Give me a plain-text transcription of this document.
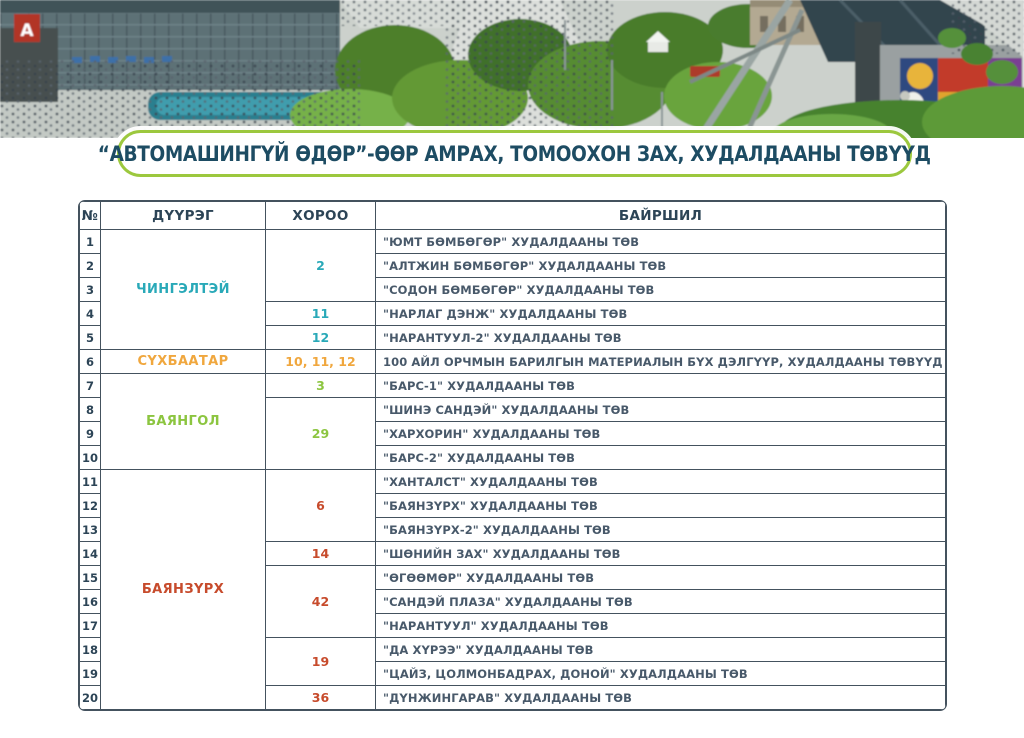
A
“АВТОМАШИНГҮЙ ӨДӨР”-ӨӨР АМРАХ, ТОМООХОН ЗАХ, ХУДАЛДААНЫ ТӨВҮҮД
№	ДҮҮРЭГ	ХОРОО	БАЙРШИЛ
1	ЧИНГЭЛТЭЙ	2	"ЮМТ БӨМБӨГӨР" ХУДАЛДААНЫ ТӨВ
2			"АЛТЖИН БӨМБӨГӨР" ХУДАЛДААНЫ ТӨВ
3			"СОДОН БӨМБӨГӨР" ХУДАЛДААНЫ ТӨВ
4		11	"НАРЛАГ ДЭНЖ" ХУДАЛДААНЫ ТӨВ
5		12	"НАРАНТУУЛ-2" ХУДАЛДААНЫ ТӨВ
6	СҮХБААТАР	10, 11, 12	100 АЙЛ ОРЧМЫН БАРИЛГЫН МАТЕРИАЛЫН БҮХ ДЭЛГҮҮР, ХУДАЛДААНЫ ТӨВҮҮД
7	БАЯНГОЛ	3	"БАРС-1" ХУДАЛДААНЫ ТӨВ
8		29	"ШИНЭ САНДЭЙ" ХУДАЛДААНЫ ТӨВ
9			"ХАРХОРИН" ХУДАЛДААНЫ ТӨВ
10			"БАРС-2" ХУДАЛДААНЫ ТӨВ
11	БАЯНЗҮРХ	6	"ХАНТАЛСТ" ХУДАЛДААНЫ ТӨВ
12			"БАЯНЗҮРХ" ХУДАЛДААНЫ ТӨВ
13			"БАЯНЗҮРХ-2" ХУДАЛДААНЫ ТӨВ
14		14	"ШӨНИЙН ЗАХ" ХУДАЛДААНЫ ТӨВ
15		42	"ӨГӨӨМӨР" ХУДАЛДААНЫ ТӨВ
16			"САНДЭЙ ПЛАЗА" ХУДАЛДААНЫ ТӨВ
17			"НАРАНТУУЛ" ХУДАЛДААНЫ ТӨВ
18		19	"ДА ХҮРЭЭ" ХУДАЛДААНЫ ТӨВ
19			"ЦАЙЗ, ЦОЛМОНБАДРАХ, ДОНОЙ" ХУДАЛДААНЫ ТӨВ
20		36	"ДҮНЖИНГАРАВ" ХУДАЛДААНЫ ТӨВ
